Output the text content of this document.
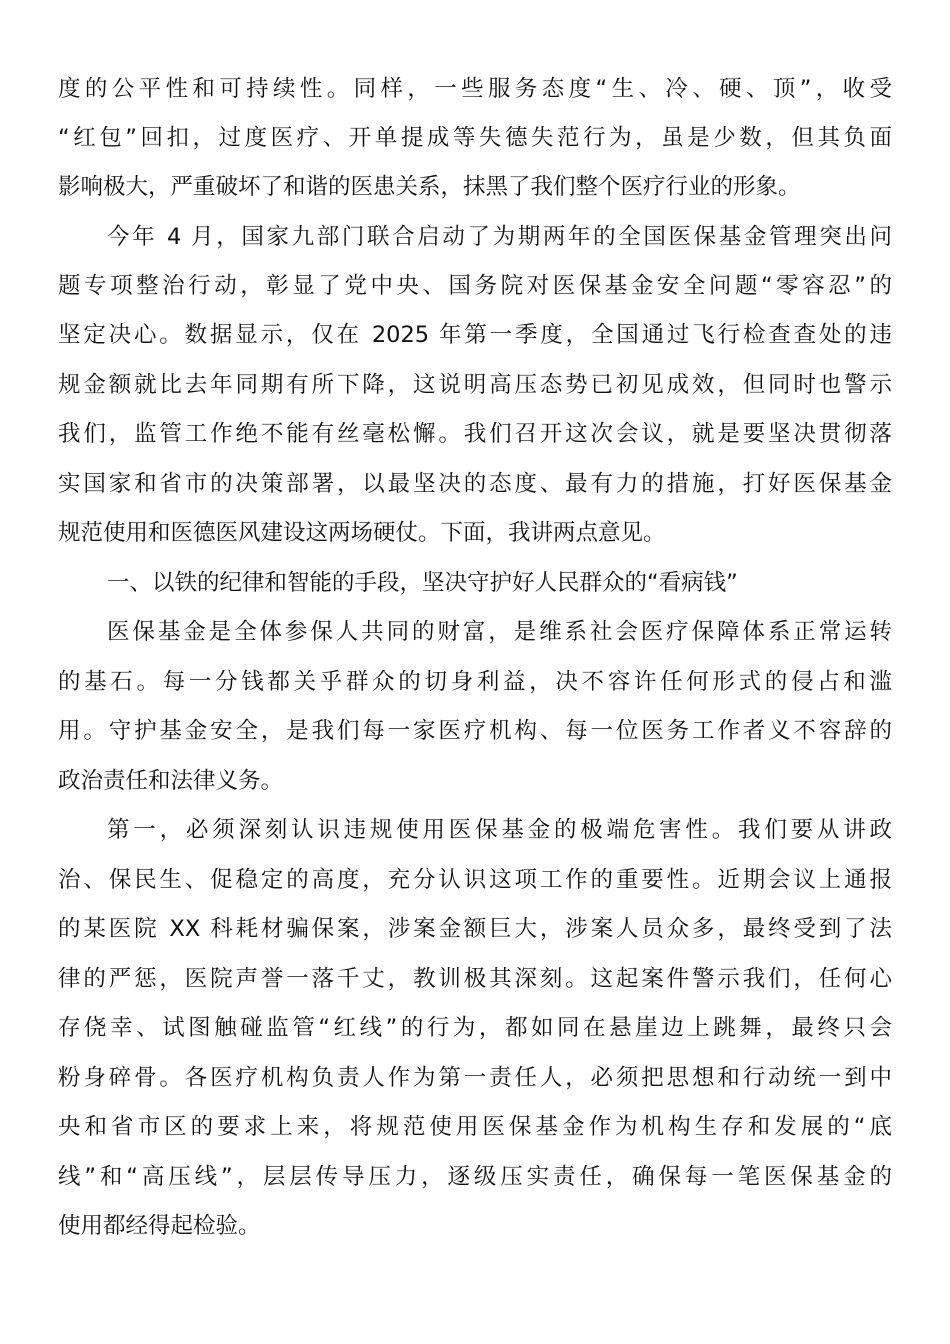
度的公平性和可持续性。同样，一些服务态度“生、冷、硬、顶”，收受
“红包”回扣，过度医疗、开单提成等失德失范行为，虽是少数，但其负面
影响极大，严重破坏了和谐的医患关系，抹黑了我们整个医疗行业的形象。
今年 4 月，国家九部门联合启动了为期两年的全国医保基金管理突出问
题专项整治行动，彰显了党中央、国务院对医保基金安全问题“零容忍”的
坚定决心。数据显示，仅在 2025 年第一季度，全国通过飞行检查查处的违
规金额就比去年同期有所下降，这说明高压态势已初见成效，但同时也警示
我们，监管工作绝不能有丝毫松懈。我们召开这次会议，就是要坚决贯彻落
实国家和省市的决策部署，以最坚决的态度、最有力的措施，打好医保基金
规范使用和医德医风建设这两场硬仗。下面，我讲两点意见。
一、以铁的纪律和智能的手段，坚决守护好人民群众的“看病钱”
医保基金是全体参保人共同的财富，是维系社会医疗保障体系正常运转
的基石。每一分钱都关乎群众的切身利益，决不容许任何形式的侵占和滥
用。守护基金安全，是我们每一家医疗机构、每一位医务工作者义不容辞的
政治责任和法律义务。
第一，必须深刻认识违规使用医保基金的极端危害性。我们要从讲政
治、保民生、促稳定的高度，充分认识这项工作的重要性。近期会议上通报
的某医院 XX 科耗材骗保案，涉案金额巨大，涉案人员众多，最终受到了法
律的严惩，医院声誉一落千丈，教训极其深刻。这起案件警示我们，任何心
存侥幸、试图触碰监管“红线”的行为，都如同在悬崖边上跳舞，最终只会
粉身碎骨。各医疗机构负责人作为第一责任人，必须把思想和行动统一到中
央和省市区的要求上来，将规范使用医保基金作为机构生存和发展的“底
线”和“高压线”，层层传导压力，逐级压实责任，确保每一笔医保基金的
使用都经得起检验。
